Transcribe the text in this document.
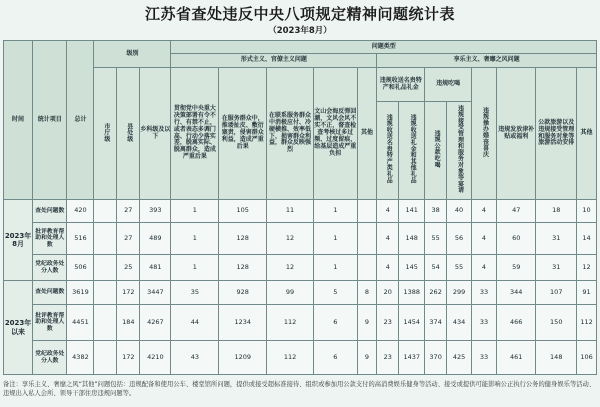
江苏省查处违反中央八项规定精神问题统计表
（2023年8月）
时间	统计项目	总计	级别			问题类型												
						形式主义、官僚主义问题					享乐主义、奢靡之风问题							
			市厅级	县处级	乡科级及以下	贯彻党中央重大决策部署有令不行、有禁不止，或者表态多调门高、行动少落实差，脱离实际、脱离群众，造成严重后果	在服务群众中，推诿扯皮、敷衍塞责，侵害群众利益，造成严重后果	在联系服务群众中消极应付、冷硬横推、效率低下，损害群众利益，群众反映强烈	文山会海反弹回潮，文风会风不实不正，督查检查考核过多过频、过度留痕，给基层造成严重负担	其他	违规收送名贵特产和礼品礼金		违规吃喝		违规操办婚丧喜庆	违规发放津补贴或福利	公款旅游以及违规接受管理和服务对象等旅游活动安排	其他
											违规收送名贵特产类礼品	违规收送礼金和其他礼品	违规公款吃喝	违规接受管理和服务对象等宴请				
2023年8月	查处问题数	420		27	393	1	105	11	1		4	141	38	40	4	47	18	10
	批评教育帮助和处理人数	516		27	489	1	128	12	1		4	148	55	56	4	60	31	14
	党纪政务处分人数	506		25	481	1	128	12	1		4	145	54	55	4	59	31	12
2023年以来	查处问题数	3619		172	3447	35	928	99	5	8	20	1388	262	299	33	344	107	91
	批评教育帮助和处理人数	4451		184	4267	44	1234	112	6	9	23	1454	374	434	33	466	150	112
	党纪政务处分人数	4382		172	4210	43	1209	112	6	9	23	1437	370	425	33	461	148	106
备注：享乐主义、奢靡之风“其他”问题包括：违规配备和使用公车、楼堂馆所问题，提供或接受超标准接待、组织或参加用公款支付的高消费娱乐健身等活动、接受或提供可能影响公正执行公务的健身娱乐等活动、违规出入私人会所、领导干部住房违规问题等。
